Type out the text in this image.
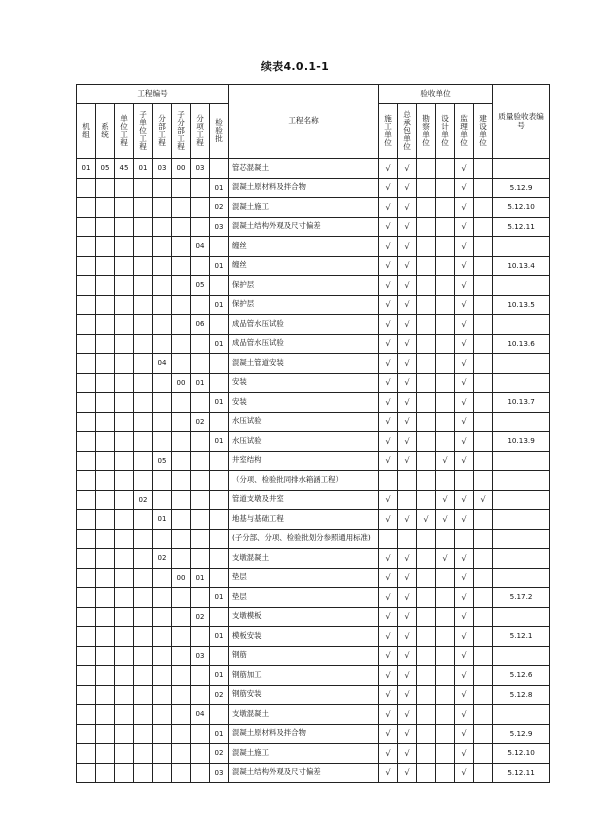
续表4.0.1-1
工程编号								工程名称	验收单位						质量验收表编号
机组	系统	单位工程	子单位工程	分部工程	子分部工程	分项工程	检验批		施工单位	总承包单位	勘察单位	设计单位	监理单位	建设单位	
01	05	45	01	03	00	03		管芯混凝土	√	√			√		
							01	混凝土原材料及拌合物	√	√			√		5.12.9
							02	混凝土施工	√	√			√		5.12.10
							03	混凝土结构外观及尺寸偏差	√	√			√		5.12.11
						04		缠丝	√	√			√		
							01	缠丝	√	√			√		10.13.4
						05		保护层	√	√			√		
							01	保护层	√	√			√		10.13.5
						06		成品管水压试验	√	√			√		
							01	成品管水压试验	√	√			√		10.13.6
				04				混凝土管道安装	√	√			√		
					00	01		安装	√	√			√		
							01	安装	√	√			√		10.13.7
						02		水压试验	√	√			√		
							01	水压试验	√	√			√		10.13.9
				05				井室结构	√	√		√	√		
								（分项、检验批同排水箱涵工程）							
			02					管道支墩及井室	√			√	√	√	
				01				地基与基础工程	√	√	√	√	√		
								(子分部、分项、检验批划分参照通用标准)							
				02				支墩混凝土	√	√		√	√		
					00	01		垫层	√	√			√		
							01	垫层	√	√			√		5.17.2
						02		支墩模板	√	√			√		
							01	模板安装	√	√			√		5.12.1
						03		钢筋	√	√			√		
							01	钢筋加工	√	√			√		5.12.6
							02	钢筋安装	√	√			√		5.12.8
						04		支墩混凝土	√	√			√		
							01	混凝土原材料及拌合物	√	√			√		5.12.9
							02	混凝土施工	√	√			√		5.12.10
							03	混凝土结构外观及尺寸偏差	√	√			√		5.12.11
